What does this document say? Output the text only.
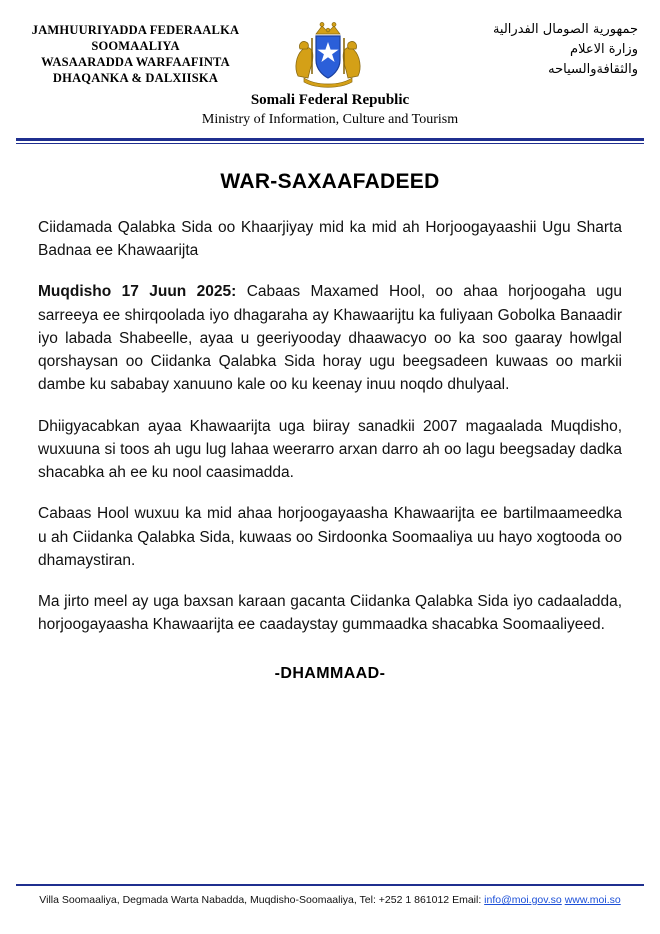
JAMHUURIYADDA FEDERAALKA
SOOMAALIYA
WASAARADDA WARFAAFINTA
DHAQANKA & DALXIISKA
جمهورية الصومال الفدرالية
وزارة الاعلام
والثقافةوالسياحه
Somali Federal Republic
Ministry of Information, Culture and Tourism
WAR-SAXAAFADEED
Ciidamada Qalabka Sida oo Khaarjiyay mid ka mid ah Horjoogayaashii Ugu Sharta Badnaa ee Khawaarijta
Muqdisho 17 Juun 2025: Cabaas Maxamed Hool, oo ahaa horjoogaha ugu sarreeya ee shirqoolada iyo dhagaraha ay Khawaarijtu ka fuliyaan Gobolka Banaadir iyo labada Shabeelle, ayaa u geeriyooday dhaawacyo oo ka soo gaaray howlgal qorshaysan oo Ciidanka Qalabka Sida horay ugu beegsadeen kuwaas oo markii dambe ku sababay xanuuno kale oo ku keenay inuu noqdo dhulyaal.
Dhiigyacabkan ayaa Khawaarijta uga biiray sanadkii 2007 magaalada Muqdisho, wuxuuna si toos ah ugu lug lahaa weerarro arxan darro ah oo lagu beegsaday dadka shacabka ah ee ku nool caasimadda.
Cabaas Hool wuxuu ka mid ahaa horjoogayaasha Khawaarijta ee bartilmaameedka u ah Ciidanka Qalabka Sida, kuwaas oo Sirdoonka Soomaaliya uu hayo xogtooda oo dhamaystiran.
Ma jirto meel ay uga baxsan karaan gacanta Ciidanka Qalabka Sida iyo cadaaladda, horjoogayaasha Khawaarijta ee caadaystay gummaadka shacabka Soomaaliyeed.
-DHAMMAAD-
Villa Soomaaliya, Degmada Warta Nabadda, Muqdisho-Soomaaliya, Tel: +252 1 861012 Email: info@moi.gov.so www.moi.so
